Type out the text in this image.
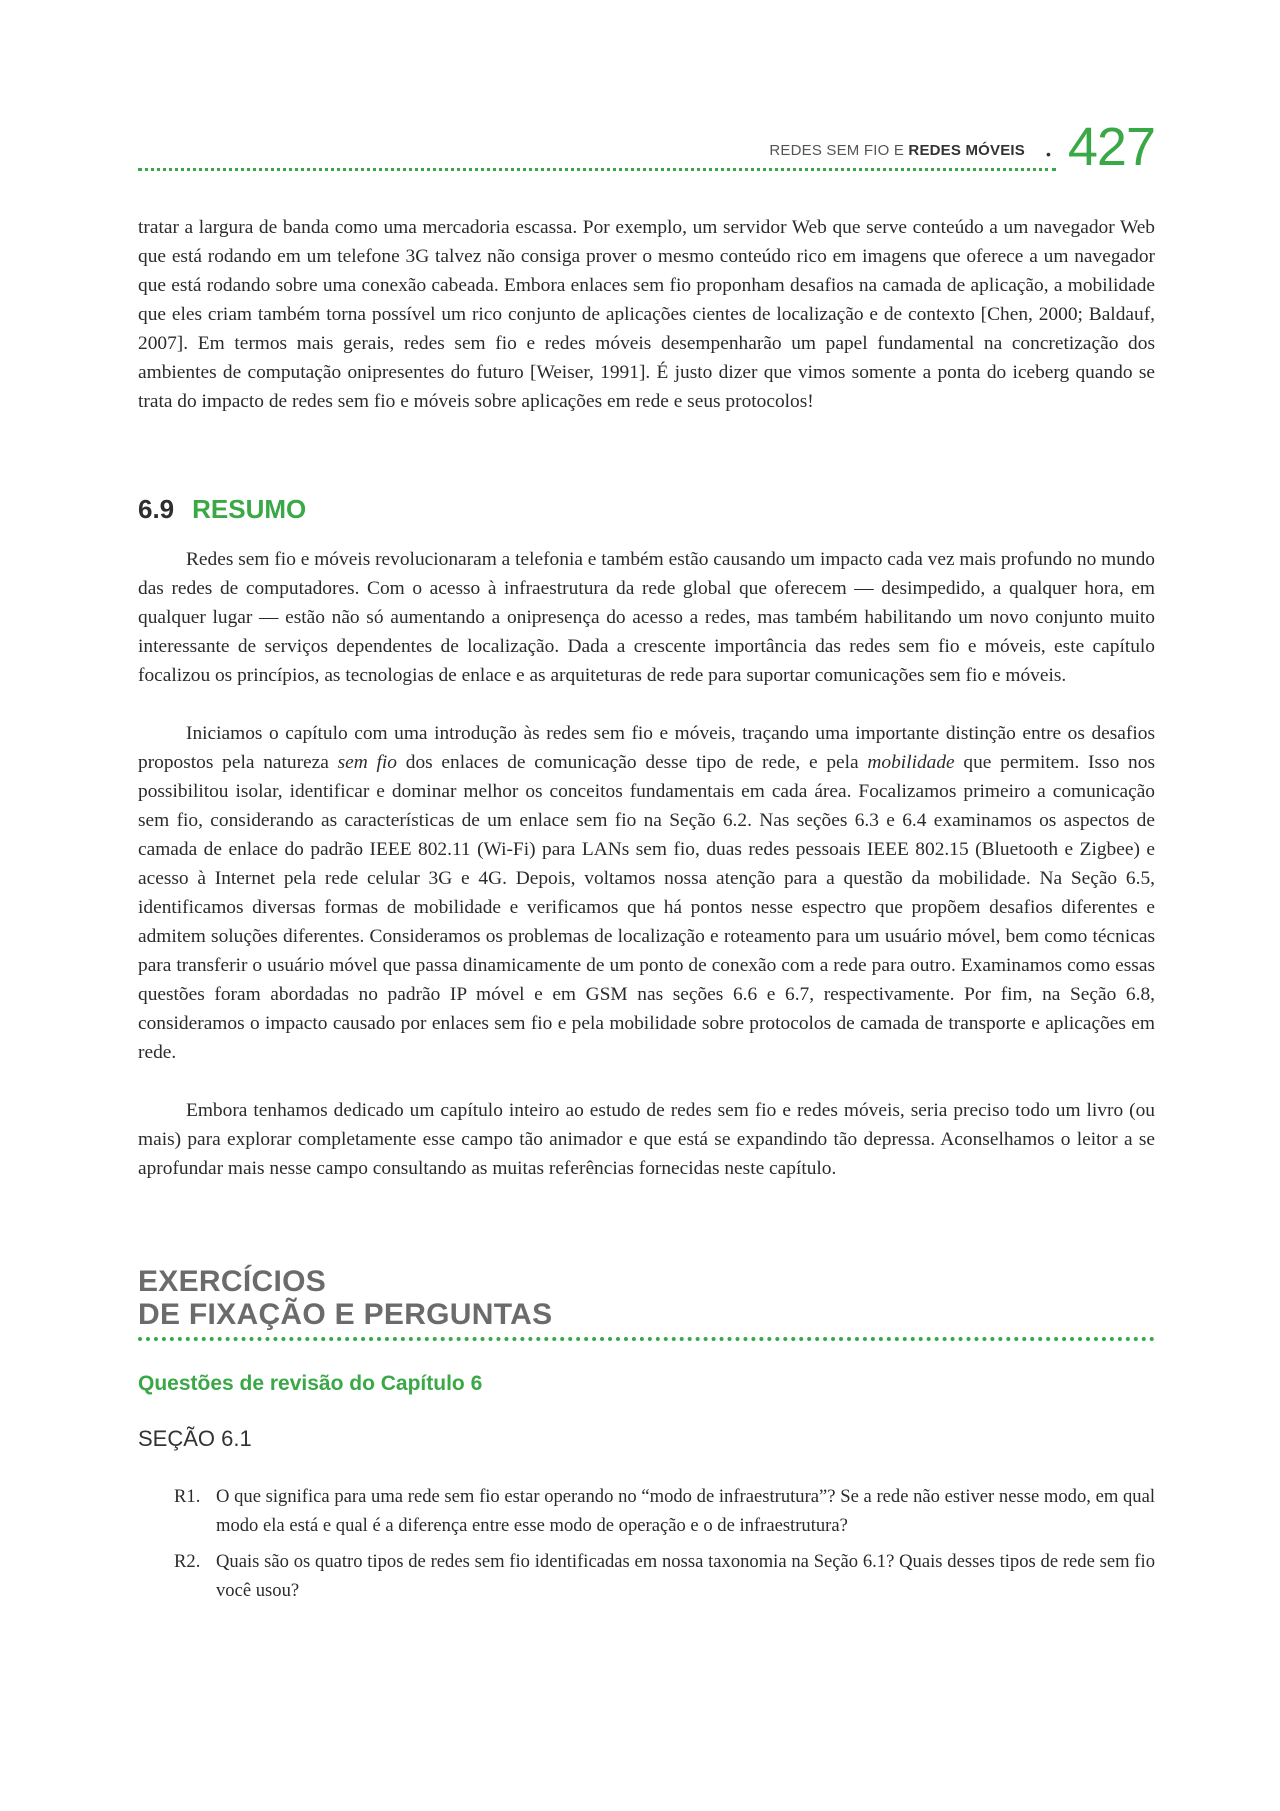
REDES SEM FIO E REDES MÓVEIS • 427

tratar a largura de banda como uma mercadoria escassa. Por exemplo, um servidor Web que serve conteúdo a um navegador Web que está rodando em um telefone 3G talvez não consiga prover o mesmo conteúdo rico em imagens que oferece a um navegador que está rodando sobre uma conexão cabeada. Embora enlaces sem fio proponham desafios na camada de aplicação, a mobilidade que eles criam também torna possível um rico conjunto de aplicações cientes de localização e de contexto [Chen, 2000; Baldauf, 2007]. Em termos mais gerais, redes sem fio e redes móveis desempenharão um papel fundamental na concretização dos ambientes de computação onipresentes do futuro [Weiser, 1991]. É justo dizer que vimos somente a ponta do iceberg quando se trata do impacto de redes sem fio e móveis sobre aplicações em rede e seus protocolos!

6.9 RESUMO

Redes sem fio e móveis revolucionaram a telefonia e também estão causando um impacto cada vez mais profundo no mundo das redes de computadores. Com o acesso à infraestrutura da rede global que oferecem — desimpedido, a qualquer hora, em qualquer lugar — estão não só aumentando a onipresença do acesso a redes, mas também habilitando um novo conjunto muito interessante de serviços dependentes de localização. Dada a crescente importância das redes sem fio e móveis, este capítulo focalizou os princípios, as tecnologias de enlace e as arquiteturas de rede para suportar comunicações sem fio e móveis.

Iniciamos o capítulo com uma introdução às redes sem fio e móveis, traçando uma importante distinção entre os desafios propostos pela natureza sem fio dos enlaces de comunicação desse tipo de rede, e pela mobilidade que permitem. Isso nos possibilitou isolar, identificar e dominar melhor os conceitos fundamentais em cada área. Focalizamos primeiro a comunicação sem fio, considerando as características de um enlace sem fio na Seção 6.2. Nas seções 6.3 e 6.4 examinamos os aspectos de camada de enlace do padrão IEEE 802.11 (Wi-Fi) para LANs sem fio, duas redes pessoais IEEE 802.15 (Bluetooth e Zigbee) e acesso à Internet pela rede celular 3G e 4G. Depois, voltamos nossa atenção para a questão da mobilidade. Na Seção 6.5, identificamos diversas formas de mobilidade e verificamos que há pontos nesse espectro que propõem desafios diferentes e admitem soluções diferentes. Consideramos os problemas de localização e roteamento para um usuário móvel, bem como técnicas para transferir o usuário móvel que passa dinamicamente de um ponto de conexão com a rede para outro. Examinamos como essas questões foram abordadas no padrão IP móvel e em GSM nas seções 6.6 e 6.7, respectivamente. Por fim, na Seção 6.8, consideramos o impacto causado por enlaces sem fio e pela mobilidade sobre protocolos de camada de transporte e aplicações em rede.

Embora tenhamos dedicado um capítulo inteiro ao estudo de redes sem fio e redes móveis, seria preciso todo um livro (ou mais) para explorar completamente esse campo tão animador e que está se expandindo tão depressa. Aconselhamos o leitor a se aprofundar mais nesse campo consultando as muitas referências fornecidas neste capítulo.

EXERCÍCIOS
DE FIXAÇÃO E PERGUNTAS
Questões de revisão do Capítulo 6
SEÇÃO 6.1
R1. O que significa para uma rede sem fio estar operando no “modo de infraestrutura”? Se a rede não estiver nesse modo, em qual modo ela está e qual é a diferença entre esse modo de operação e o de infraestrutura?
R2. Quais são os quatro tipos de redes sem fio identificadas em nossa taxonomia na Seção 6.1? Quais desses tipos de rede sem fio você usou?
